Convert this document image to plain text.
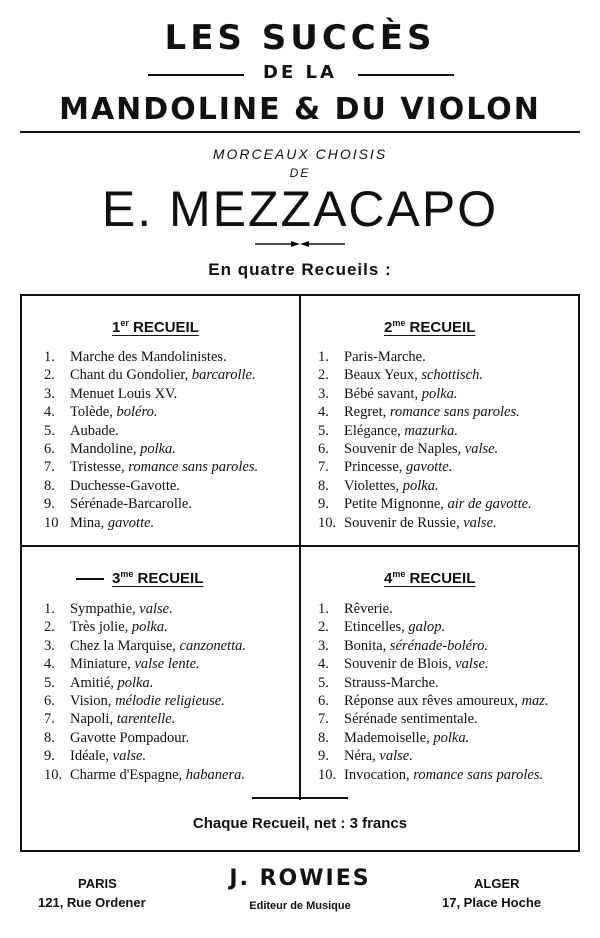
LES SUCCÈS
DE LA
MANDOLINE & DU VIOLON
MORCEAUX CHOISIS
DE
E. MEZZACAPO
En quatre Recueils :
1er RECUEIL
1. Marche des Mandolinistes.
2. Chant du Gondolier, barcarolle.
3. Menuet Louis XV.
4. Tolède, boléro.
5. Aubade.
6. Mandoline, polka.
7. Tristesse, romance sans paroles.
8. Duchesse-Gavotte.
9. Sérénade-Barcarolle.
10 Mina, gavotte.
$2^{me}$ RECUEIL
1. Paris-Marche.
2. Beaux Yeux, schottisch.
3. Bébé savant, polka.
4. Regret, romance sans paroles.
5. Elégance, mazurka.
6. Souvenir de Naples, valse.
7. Princesse, gavotte.
8. Violettes, polka.
9. Petite Mignonne, air de gavotte.
10. Souvenir de Russie, valse.
$3^{me}$ RECUEIL
1. Sympathie, valse.
2. Très jolie, polka.
3. Chez la Marquise, canzonetta.
4. Miniature, valse lente.
5. Amitié, polka.
6. Vision, mélodie religieuse.
7. Napoli, tarentelle.
8. Gavotte Pompadour.
9. Idéale, valse.
10. Charme d'Espagne, habanera.
$4^{me}$ RECUEIL
1. Rêverie.
2. Etincelles, galop.
3. Bonita, sérénade-boléro.
4. Souvenir de Blois, valse.
5. Strauss-Marche.
6. Réponse aux rêves amoureux, maz.
7. Sérénade sentimentale.
8. Mademoiselle, polka.
9. Néra, valse.
10. Invocation, romance sans paroles.
Chaque Recueil, net : 3 francs
PARIS
121, Rue Ordener
J. ROWIES
Editeur de Musique
ALGER
17, Place Hoche
